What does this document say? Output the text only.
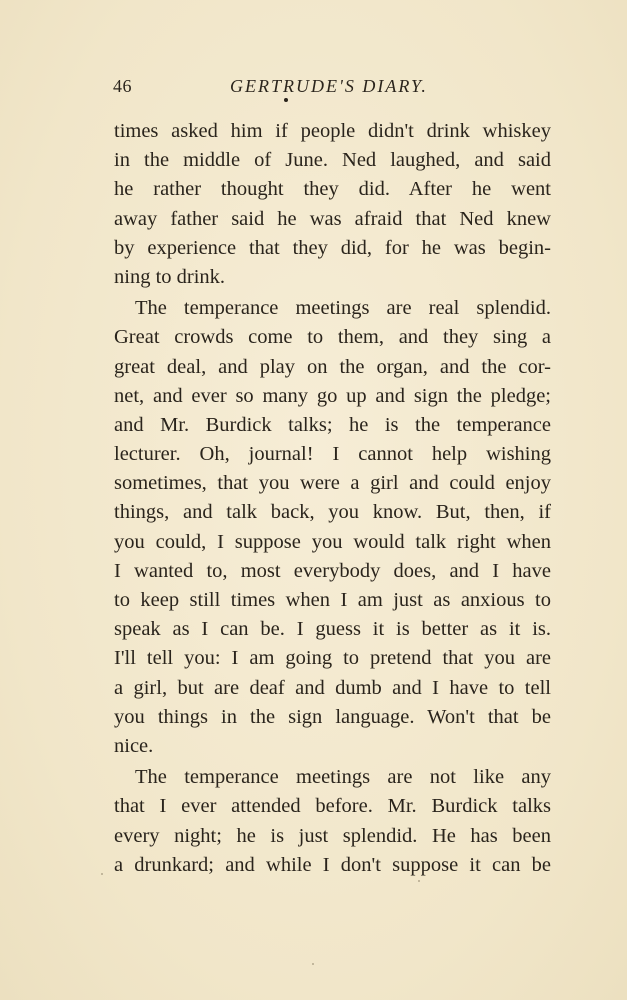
46	GERTRUDE'S DIARY.
times asked him if people didn't drink whiskey
in the middle of June. Ned laughed, and said
he rather thought they did. After he went
away father said he was afraid that Ned knew
by experience that they did, for he was begin-
ning to drink.
The temperance meetings are real splendid.
Great crowds come to them, and they sing a
great deal, and play on the organ, and the cor-
net, and ever so many go up and sign the pledge;
and Mr. Burdick talks; he is the temperance
lecturer. Oh, journal! I cannot help wishing
sometimes, that you were a girl and could enjoy
things, and talk back, you know. But, then, if
you could, I suppose you would talk right when
I wanted to, most everybody does, and I have
to keep still times when I am just as anxious to
speak as I can be. I guess it is better as it is.
I'll tell you: I am going to pretend that you are
a girl, but are deaf and dumb and I have to tell
you things in the sign language. Won't that be
nice.
The temperance meetings are not like any
that I ever attended before. Mr. Burdick talks
every night; he is just splendid. He has been
a drunkard; and while I don't suppose it can be
